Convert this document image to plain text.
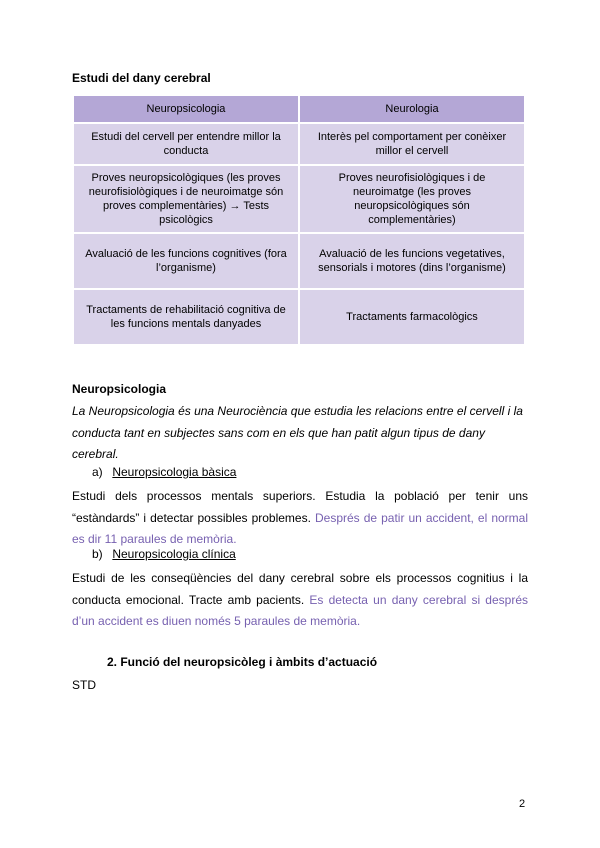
Estudi del dany cerebral
Neuropsicologia	Neurologia
Estudi del cervell per entendre millor la conducta	Interès pel comportament per conèixer millor el cervell
Proves neuropsicològiques (les proves neurofisiològiques i de neuroimatge són proves complementàries) → Tests psicològics	Proves neurofisiològiques i de neuroimatge (les proves neuropsicològiques són complementàries)
Avaluació de les funcions cognitives (fora l’organisme)	Avaluació de les funcions vegetatives, sensorials i motores (dins l’organisme)
Tractaments de rehabilitació cognitiva de les funcions mentals danyades	Tractaments farmacològics
Neuropsicologia
La Neuropsicologia és una Neurociència que estudia les relacions entre el cervell i la conducta tant en subjectes sans com en els que han patit algun tipus de dany cerebral.
a) Neuropsicologia bàsica
Estudi dels processos mentals superiors. Estudia la població per tenir uns “estàndards” i detectar possibles problemes. Després de patir un accident, el normal es dir 11 paraules de memòria.
b) Neuropsicologia clínica
Estudi de les conseqüències del dany cerebral sobre els processos cognitius i la conducta emocional. Tracte amb pacients. Es detecta un dany cerebral si després d’un accident es diuen només 5 paraules de memòria.
2. Funció del neuropsicòleg i àmbits d’actuació
STD
2
